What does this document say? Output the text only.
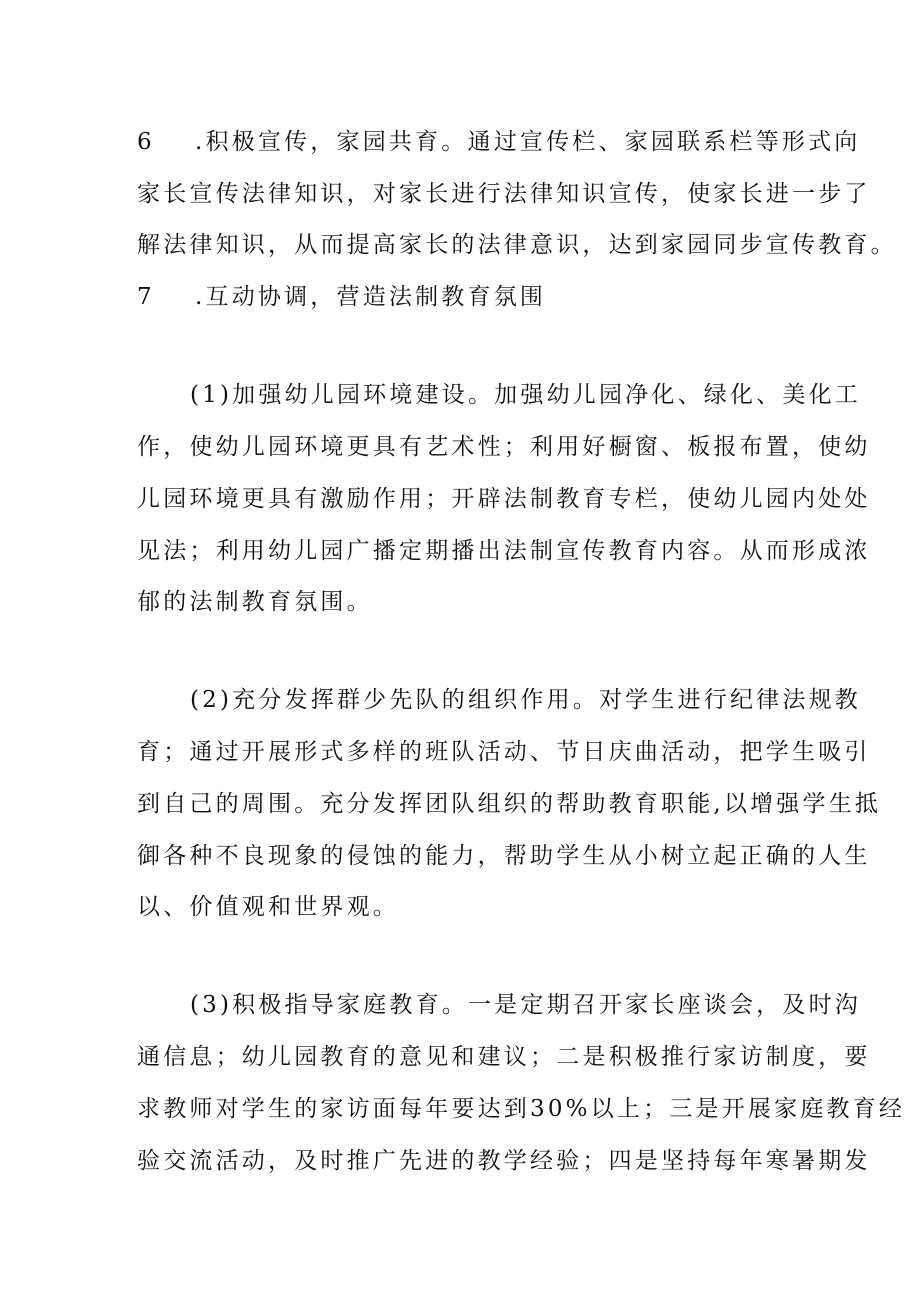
6 .积极宣传，家园共育。通过宣传栏、家园联系栏等形式向
家长宣传法律知识，对家长进行法律知识宣传，使家长进一步了
解法律知识，从而提高家长的法律意识，达到家园同步宣传教育。
7 .互动协调，营造法制教育氛围
(1)加强幼儿园环境建设。加强幼儿园净化、绿化、美化工
作，使幼儿园环境更具有艺术性；利用好橱窗、板报布置，使幼
儿园环境更具有激励作用；开辟法制教育专栏，使幼儿园内处处
见法；利用幼儿园广播定期播出法制宣传教育内容。从而形成浓
郁的法制教育氛围。
(2)充分发挥群少先队的组织作用。对学生进行纪律法规教
育；通过开展形式多样的班队活动、节日庆曲活动，把学生吸引
到自己的周围。充分发挥团队组织的帮助教育职能,以增强学生抵
御各种不良现象的侵蚀的能力，帮助学生从小树立起正确的人生
以、价值观和世界观。
(3)积极指导家庭教育。一是定期召开家长座谈会，及时沟
通信息；幼儿园教育的意见和建议；二是积极推行家访制度，要
求教师对学生的家访面每年要达到30%以上；三是开展家庭教育经
验交流活动，及时推广先进的教学经验；四是坚持每年寒暑期发
